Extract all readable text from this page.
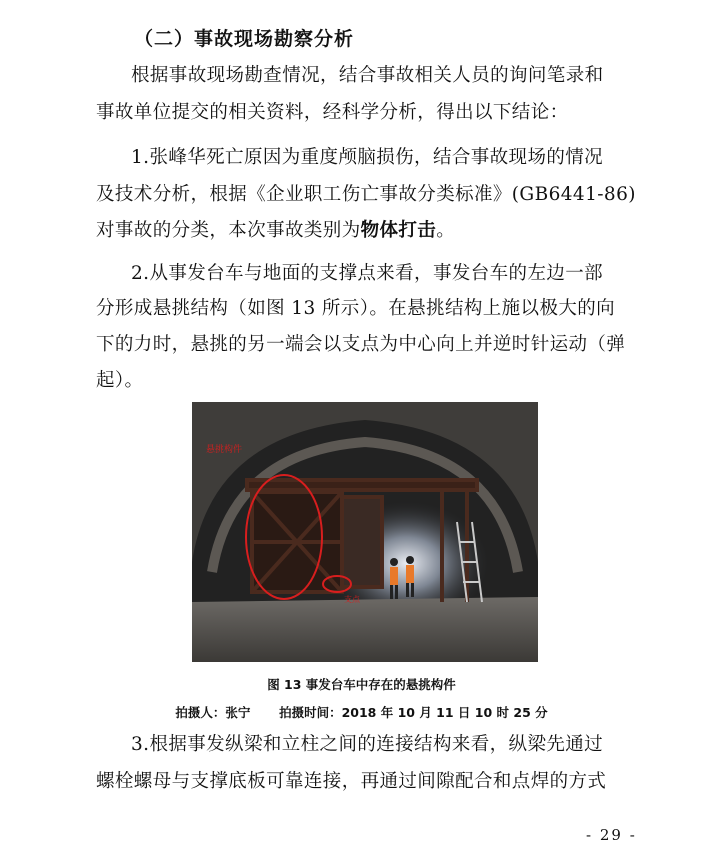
（二）事故现场勘察分析
根据事故现场勘查情况，结合事故相关人员的询问笔录和
事故单位提交的相关资料，经科学分析，得出以下结论：
1.张峰华死亡原因为重度颅脑损伤，结合事故现场的情况
及技术分析，根据《企业职工伤亡事故分类标准》(GB6441-86)
对事故的分类，本次事故类别为物体打击。
2.从事发台车与地面的支撑点来看，事发台车的左边一部
分形成悬挑结构（如图 13 所示）。在悬挑结构上施以极大的向
下的力时，悬挑的另一端会以支点为中心向上并逆时针运动（弹
起）。
悬挑构件
支点
图 13 事发台车中存在的悬挑构件
拍摄人：张宁 拍摄时间：2018 年 10 月 11 日 10 时 25 分
3.根据事发纵梁和立柱之间的连接结构来看，纵梁先通过
螺栓螺母与支撑底板可靠连接，再通过间隙配合和点焊的方式
- 29 -
